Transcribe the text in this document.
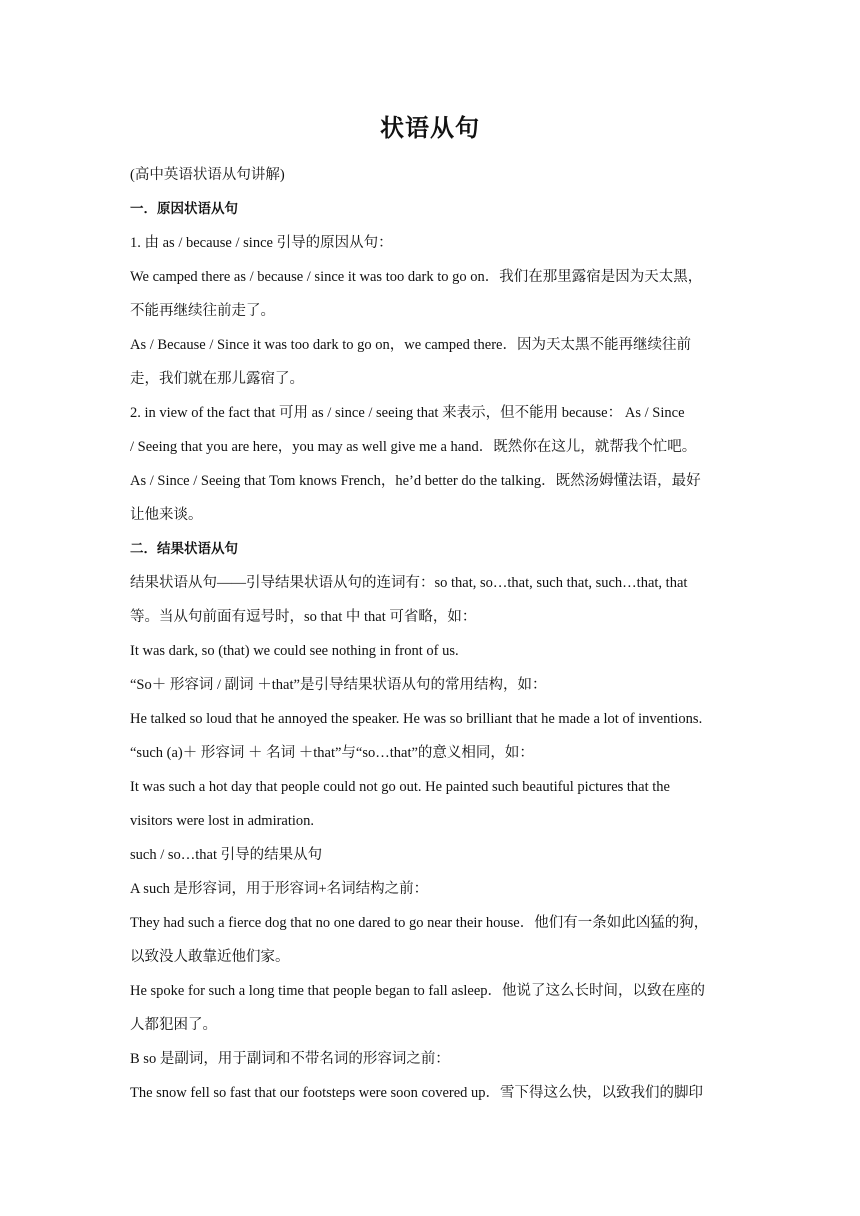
状语从句

(高中英语状语从句讲解)

一．原因状语从句

1. 由 as / because / since 引导的原因从句：

We camped there as / because / since it was too dark to go on．我们在那里露宿是因为天太黑，

不能再继续往前走了。

As / Because / Since it was too dark to go on，we camped there．因为天太黑不能再继续往前

走，我们就在那儿露宿了。

2. in view of the fact that 可用 as / since / seeing that 来表示，但不能用 because： As / Since

/ Seeing that you are here，you may as well give me a hand．既然你在这儿，就帮我个忙吧。

As / Since / Seeing that Tom knows French，he’d better do the talking．既然汤姆懂法语，最好

让他来谈。

二．结果状语从句

结果状语从句——引导结果状语从句的连词有：so that, so…that, such that, such…that, that

等。当从句前面有逗号时，so that 中 that 可省略，如：

It was dark, so (that) we could see nothing in front of us.

“So＋ 形容词 / 副词 ＋that”是引导结果状语从句的常用结构，如：

He talked so loud that he annoyed the speaker. He was so brilliant that he made a lot of inventions.

“such (a)＋ 形容词 ＋ 名词 ＋that”与“so…that”的意义相同，如：

It was such a hot day that people could not go out. He painted such beautiful pictures that the

visitors were lost in admiration.

such / so…that 引导的结果从句

A such 是形容词，用于形容词+名词结构之前：

They had such a fierce dog that no one dared to go near their house．他们有一条如此凶猛的狗，

以致没人敢靠近他们家。

He spoke for such a long time that people began to fall asleep．他说了这么长时间，以致在座的

人都犯困了。

B so 是副词，用于副词和不带名词的形容词之前：

The snow fell so fast that our footsteps were soon covered up．雪下得这么快，以致我们的脚印
